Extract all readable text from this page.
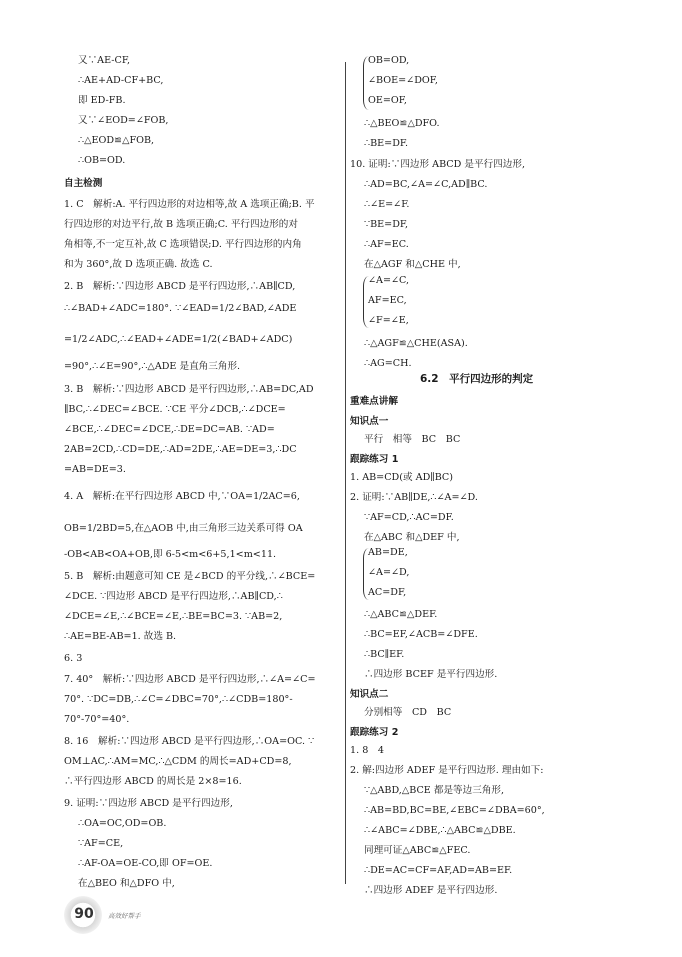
又∵AE-CF,
∴AE+AD-CF+BC,
即 ED-FB.
又∵∠EOD=∠FOB,
∴△EOD≌△FOB,
∴OB=OD.
自主检测
1. C　解析:A. 平行四边形的对边相等,故 A 选项正确;B. 平
行四边形的对边平行,故 B 选项正确;C. 平行四边形的对
角相等,不一定互补,故 C 选项错误;D. 平行四边形的内角
和为 360°,故 D 选项正确. 故选 C.
2. B　解析:∵四边形 ABCD 是平行四边形,∴AB∥CD,
∴∠BAD+∠ADC=180°. ∵∠EAD=1/2∠BAD,∠ADE
=1/2∠ADC,∴∠EAD+∠ADE=1/2(∠BAD+∠ADC)
=90°,∴∠E=90°,∴△ADE 是直角三角形.
3. B　解析:∵四边形 ABCD 是平行四边形,∴AB=DC,AD
∥BC,∴∠DEC=∠BCE. ∵CE 平分∠DCB,∴∠DCE=
∠BCE,∴∠DEC=∠DCE,∴DE=DC=AB. ∵AD=
2AB=2CD,∴CD=DE,∴AD=2DE,∴AE=DE=3,∴DC
=AB=DE=3.
4. A　解析:在平行四边形 ABCD 中,∵OA=1/2AC=6,
OB=1/2BD=5,在△AOB 中,由三角形三边关系可得 OA
-OB<AB<OA+OB,即 6-5<m<6+5,1<m<11.
5. B　解析:由题意可知 CE 是∠BCD 的平分线,∴∠BCE=
∠DCE. ∵四边形 ABCD 是平行四边形,∴AB∥CD,∴
∠DCE=∠E,∴∠BCE=∠E,∴BE=BC=3. ∵AB=2,
∴AE=BE-AB=1. 故选 B.
6. 3
7. 40°　解析:∵四边形 ABCD 是平行四边形,∴∠A=∠C=
70°. ∵DC=DB,∴∠C=∠DBC=70°,∴∠CDB=180°-
70°-70°=40°.
8. 16　解析:∵四边形 ABCD 是平行四边形,∴OA=OC. ∵
OM⊥AC,∴AM=MC,∴△CDM 的周长=AD+CD=8,
∴平行四边形 ABCD 的周长是 2×8=16.
9. 证明:∵四边形 ABCD 是平行四边形,
∴OA=OC,OD=OB.
∵AF=CE,
∴AF-OA=OE-CO,即 OF=OE.
在△BEO 和△DFO 中,
OB=OD,
∠BOE=∠DOF,
OE=OF,
∴△BEO≌△DFO.
∴BE=DF.
10. 证明:∵四边形 ABCD 是平行四边形,
∴AD=BC,∠A=∠C,AD∥BC.
∴∠E=∠F.
∵BE=DF,
∴AF=EC.
在△AGF 和△CHE 中,
∠A=∠C,
AF=EC,
∠F=∠E,
∴△AGF≌△CHE(ASA).
∴AG=CH.
6.2　平行四边形的判定
重难点讲解
知识点一
平行　相等　BC　BC
跟踪练习 1
1. AB=CD(或 AD∥BC)
2. 证明:∵AB∥DE,∴∠A=∠D.
∵AF=CD,∴AC=DF.
在△ABC 和△DEF 中,
AB=DE,
∠A=∠D,
AC=DF,
∴△ABC≌△DEF.
∴BC=EF,∠ACB=∠DFE.
∴BC∥EF.
∴四边形 BCEF 是平行四边形.
知识点二
分别相等　CD　BC
跟踪练习 2
1. 8　4
2. 解:四边形 ADEF 是平行四边形. 理由如下:
∵△ABD,△BCE 都是等边三角形,
∴AB=BD,BC=BE,∠EBC=∠DBA=60°,
∴∠ABC=∠DBE,∴△ABC≌△DBE.
同理可证△ABC≌△FEC.
∴DE=AC=CF=AF,AD=AB=EF.
∴四边形 ADEF 是平行四边形.
90	高效好帮手
